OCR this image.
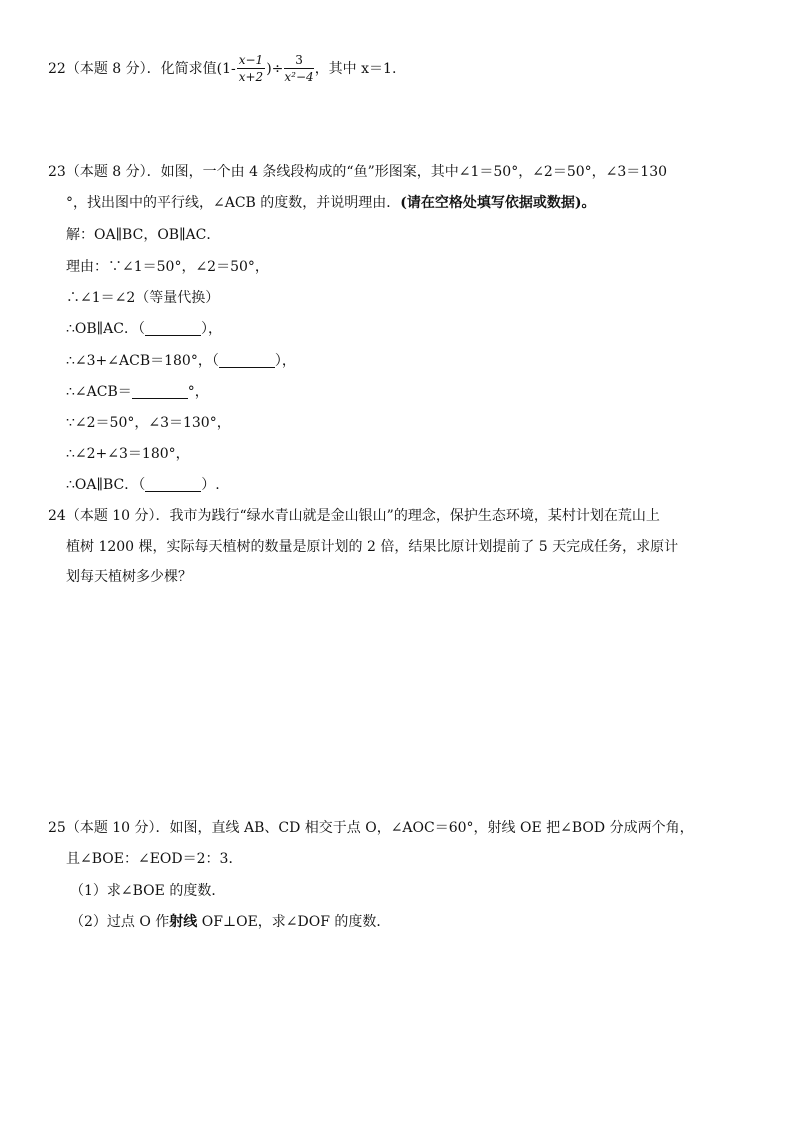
22（本题 8 分）．化简求值($1- \frac{x-1}{x+2}$ )÷ $\frac{3}{\text{x²−4}}$ ，其中 x＝1.
23（本题 8 分）．如图，一个由 4 条线段构成的“鱼”形图案，其中∠1＝50°，∠2＝50°，∠3＝130
°，找出图中的平行线，∠ACB 的度数，并说明理由．(请在空格处填写依据或数据)。
解：OA∥BC，OB∥AC．
理由：∵∠1＝50°，∠2＝50°，
∴∠1＝∠2（等量代换）
∴OB∥AC．（	），
∴∠3+∠ACB＝180°，（	），
∴∠ACB＝	°，
∵∠2＝50°，∠3＝130°，
∴∠2+∠3＝180°，
∴OA∥BC．（	）.
24（本题 10 分）．我市为践行“绿水青山就是金山银山”的理念，保护生态环境，某村计划在荒山上
植树 1200 棵，实际每天植树的数量是原计划的 2 倍，结果比原计划提前了 5 天完成任务，求原计
划每天植树多少棵？
25（本题 10 分）．如图，直线 AB、CD 相交于点 O，∠AOC＝60°，射线 OE 把∠BOD 分成两个角，
且∠BOE：∠EOD＝2：3．
（1）求∠BOE 的度数．
（2）过点 O 作射线 OF⊥OE，求∠DOF 的度数．
